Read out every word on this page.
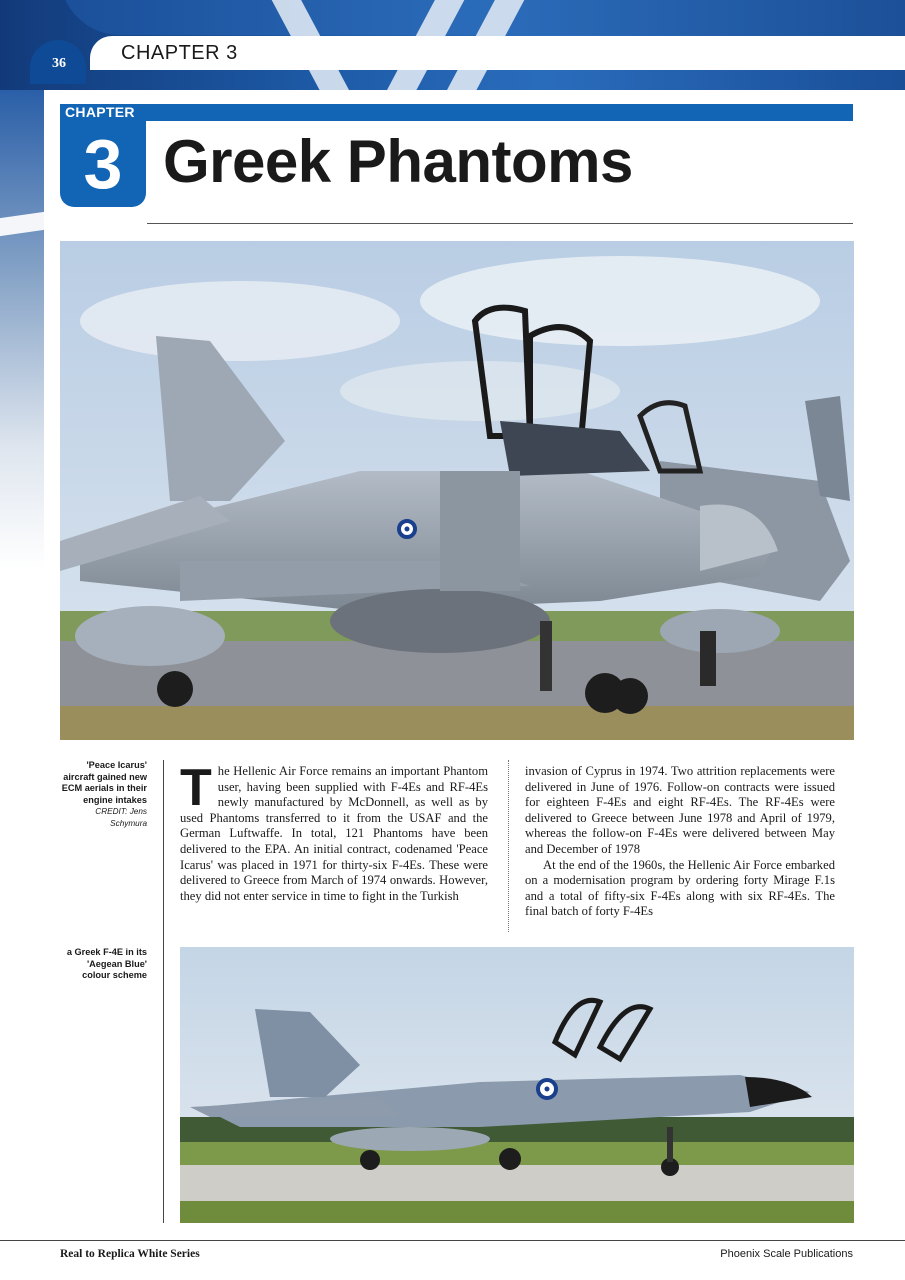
36	CHAPTER 3
CHAPTER
3 Greek Phantoms
'Peace Icarus' aircraft gained new ECM aerials in their engine intakes CREDIT: Jens Schymura
a Greek F-4E in its 'Aegean Blue' colour scheme
T he Hellenic Air Force remains an important Phantom user, having been supplied with F-4Es and RF-4Es newly manufactured by McDonnell, as well as by used Phantoms transferred to it from the USAF and the German Luftwaffe. In total, 121 Phantoms have been delivered to the EPA. An initial contract, codenamed 'Peace Icarus' was placed in 1971 for thirty-six F-4Es. These were delivered to Greece from March of 1974 onwards. However, they did not enter service in time to fight in the Turkish
invasion of Cyprus in 1974. Two attrition replacements were delivered in June of 1976. Follow-on contracts were issued for eighteen F-4Es and eight RF-4Es. The RF-4Es were delivered to Greece between June 1978 and April of 1979, whereas the follow-on F-4Es were delivered between May and December of 1978
At the end of the 1960s, the Hellenic Air Force embarked on a modernisation program by ordering forty Mirage F.1s and a total of fifty-six F-4Es along with six RF-4Es. The final batch of forty F-4Es
Real to Replica White Series	Phoenix Scale Publications
